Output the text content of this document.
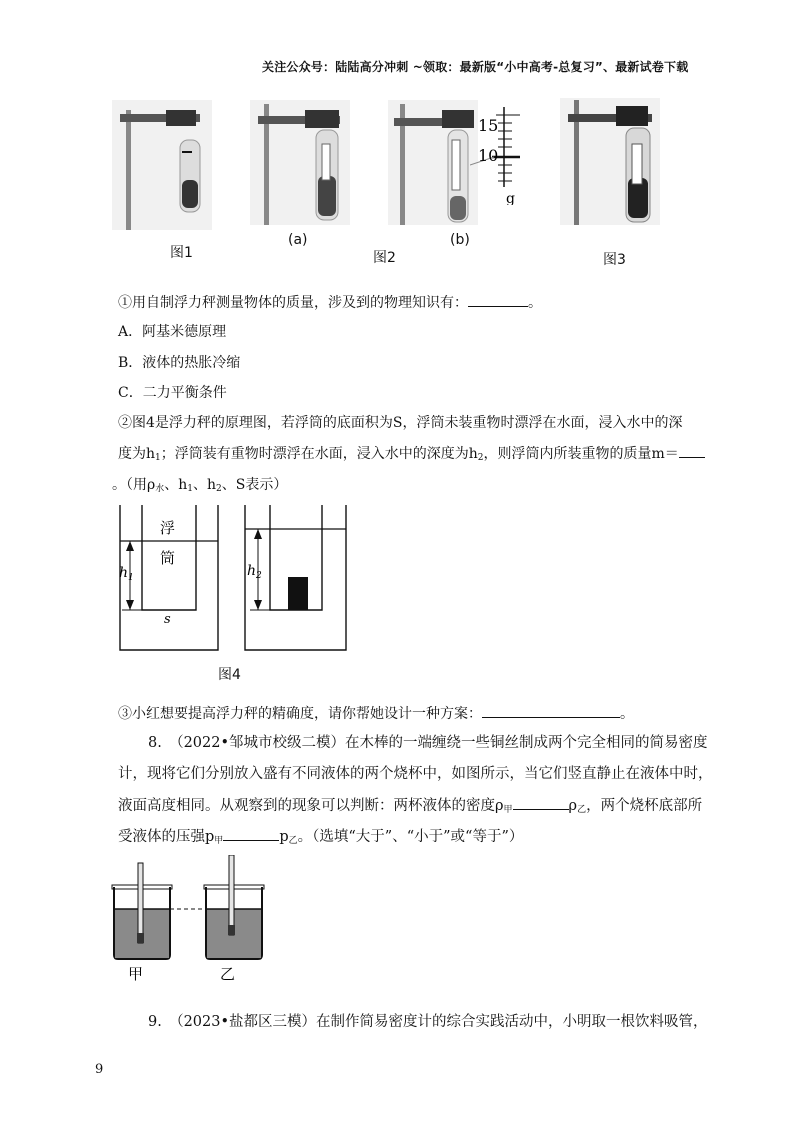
关注公众号：陆陆高分冲刺 ~领取：最新版“小中高考-总复习”、最新试卷下载
15
10
g
图1
(a)
图2
(b)
图3
①用自制浮力秤测量物体的质量，涉及到的物理知识有：	。
A．阿基米德原理
B．液体的热胀冷缩
C．二力平衡条件
②图4是浮力秤的原理图，若浮筒的底面积为S，浮筒未装重物时漂浮在水面，浸入水中的深
度为$h_1$；浮筒装有重物时漂浮在水面，浸入水中的深度为$h_2$，则浮筒内所装重物的质量m＝
。（用$\rho_水$、$h_1$、$h_2$、S表示）
浮
筒
$h_1$
s
$h_2$
图4
③小红想要提高浮力秤的精确度，请你帮她设计一种方案：	。
8.　（2022•邹城市校级二模）在木棒的一端缠绕一些铜丝制成两个完全相同的简易密度
计，现将它们分别放入盛有不同液体的两个烧杯中，如图所示，当它们竖直静止在液体中时，
液面高度相同。从观察到的现象可以判断：两杯液体的密度$\rho_甲$	$\rho_乙$，两个烧杯底部所
受液体的压强$p_甲$	$p_乙$。（选填“大于”、“小于”或“等于”）
甲	乙
9.　（2023•盐都区三模）在制作简易密度计的综合实践活动中，小明取一根饮料吸管，
9
